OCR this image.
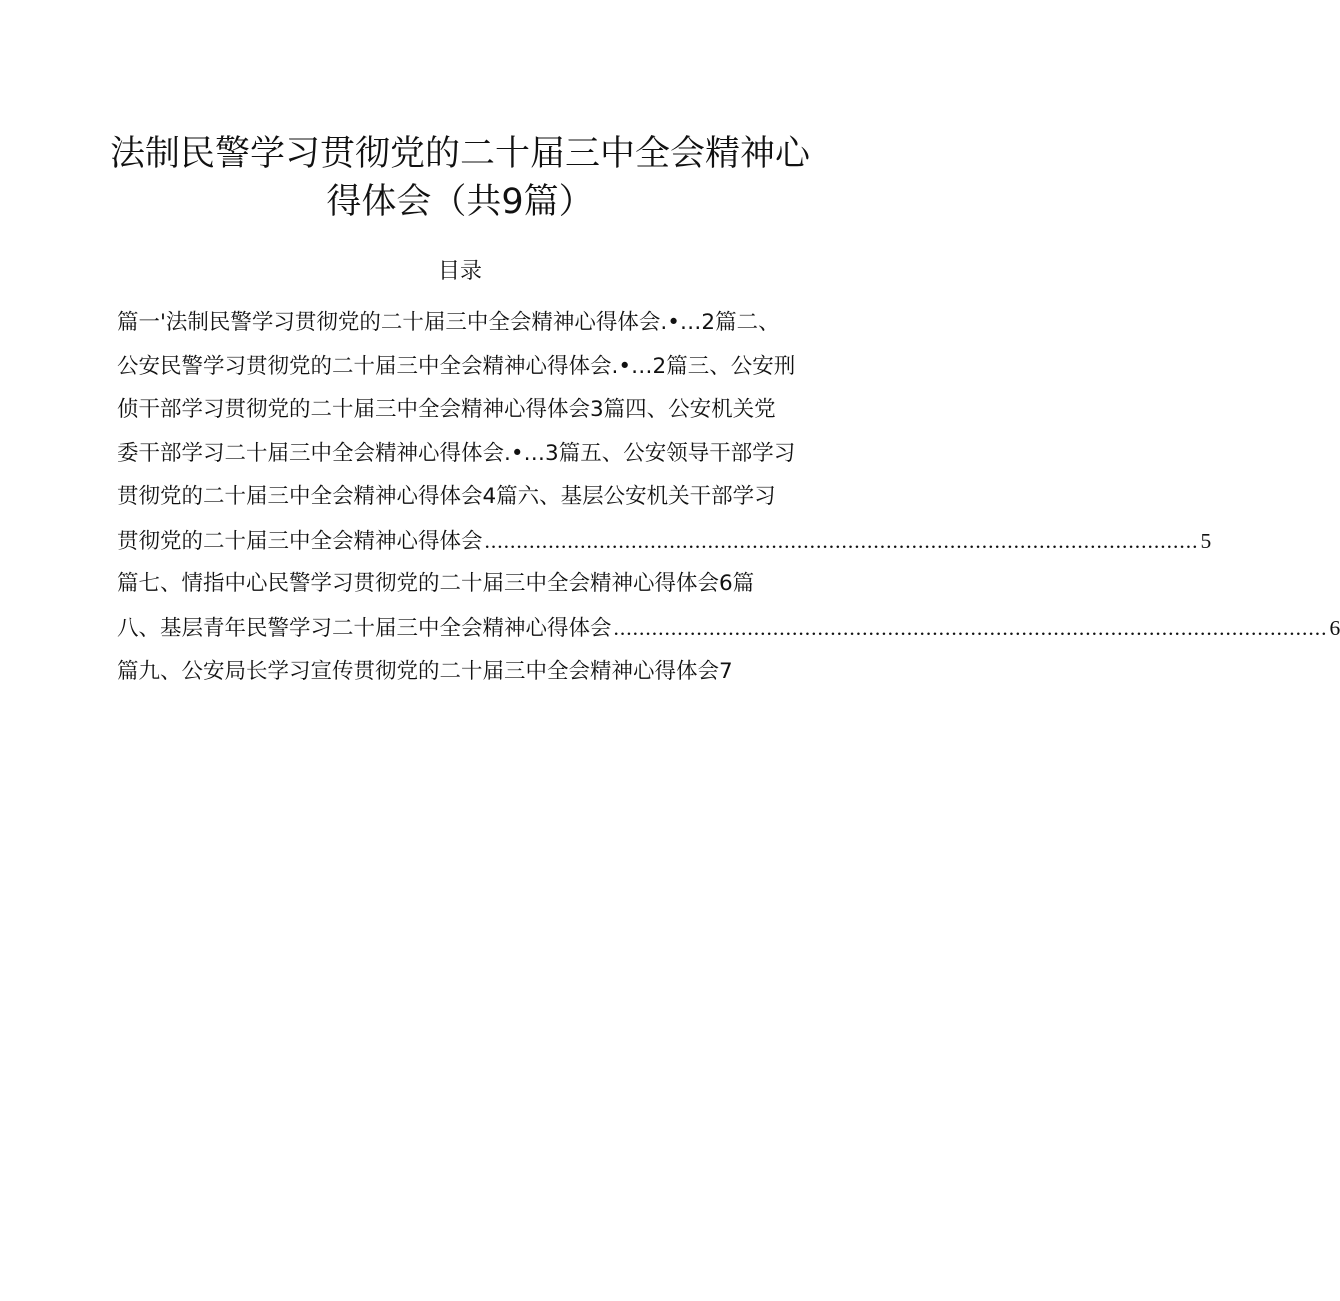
法制民警学习贯彻党的二十届三中全会精神心
得体会（共9篇）
目录
篇一'法制民警学习贯彻党的二十届三中全会精神心得体会.•…2篇二、
公安民警学习贯彻党的二十届三中全会精神心得体会.•…2篇三、公安刑
侦干部学习贯彻党的二十届三中全会精神心得体会3篇四、公安机关党
委干部学习二十届三中全会精神心得体会.•…3篇五、公安领导干部学习
贯彻党的二十届三中全会精神心得体会4篇六、基层公安机关干部学习
贯彻党的二十届三中全会精神心得体会 ................................................................................................................ 5
篇七、情指中心民警学习贯彻党的二十届三中全会精神心得体会6篇
八、基层青年民警学习二十届三中全会精神心得体会 ................................................................................................................ 6
篇九、公安局长学习宣传贯彻党的二十届三中全会精神心得体会7
